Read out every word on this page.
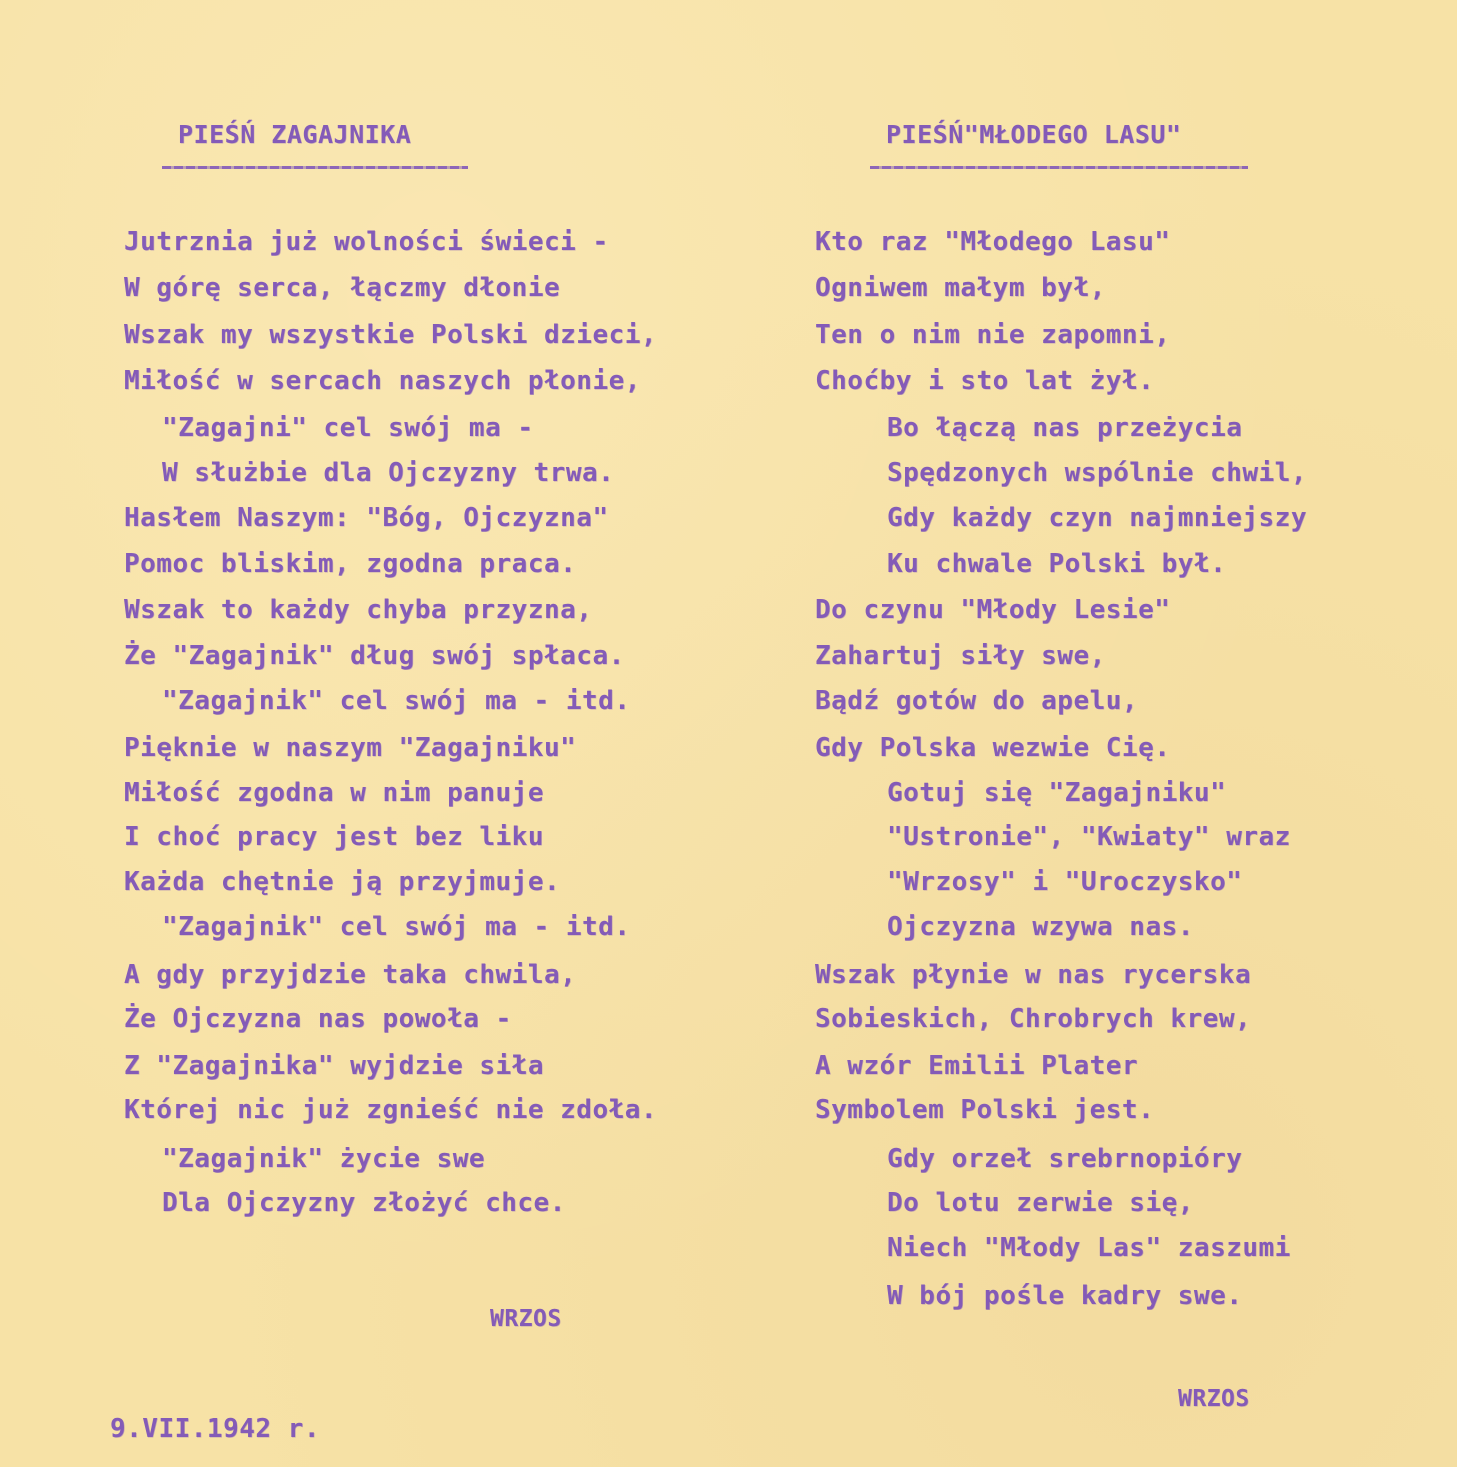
PIEŚŃ ZAGAJNIKA
Jutrznia już wolności świeci -
W górę serca, łączmy dłonie
Wszak my wszystkie Polski dzieci,
Miłość w sercach naszych płonie,
"Zagajni" cel swój ma -
W służbie dla Ojczyzny trwa.
Hasłem Naszym: "Bóg, Ojczyzna"
Pomoc bliskim, zgodna praca.
Wszak to każdy chyba przyzna,
Że "Zagajnik" dług swój spłaca.
"Zagajnik" cel swój ma - itd.
Pięknie w naszym "Zagajniku"
Miłość zgodna w nim panuje
I choć pracy jest bez liku
Każda chętnie ją przyjmuje.
"Zagajnik" cel swój ma - itd.
A gdy przyjdzie taka chwila,
Że Ojczyzna nas powoła -
Z "Zagajnika" wyjdzie siła
Której nic już zgnieść nie zdoła.
"Zagajnik" życie swe
Dla Ojczyzny złożyć chce.
WRZOS
PIEŚŃ"MŁODEGO LASU"
Kto raz "Młodego Lasu"
Ogniwem małym był,
Ten o nim nie zapomni,
Choćby i sto lat żył.
Bo łączą nas przeżycia
Spędzonych wspólnie chwil,
Gdy każdy czyn najmniejszy
Ku chwale Polski był.
Do czynu "Młody Lesie"
Zahartuj siły swe,
Bądź gotów do apelu,
Gdy Polska wezwie Cię.
Gotuj się "Zagajniku"
"Ustronie", "Kwiaty" wraz
"Wrzosy" i "Uroczysko"
Ojczyzna wzywa nas.
Wszak płynie w nas rycerska
Sobieskich, Chrobrych krew,
A wzór Emilii Plater
Symbolem Polski jest.
Gdy orzeł srebrnopióry
Do lotu zerwie się,
Niech "Młody Las" zaszumi
W bój pośle kadry swe.
WRZOS
9.VII.1942 r.
